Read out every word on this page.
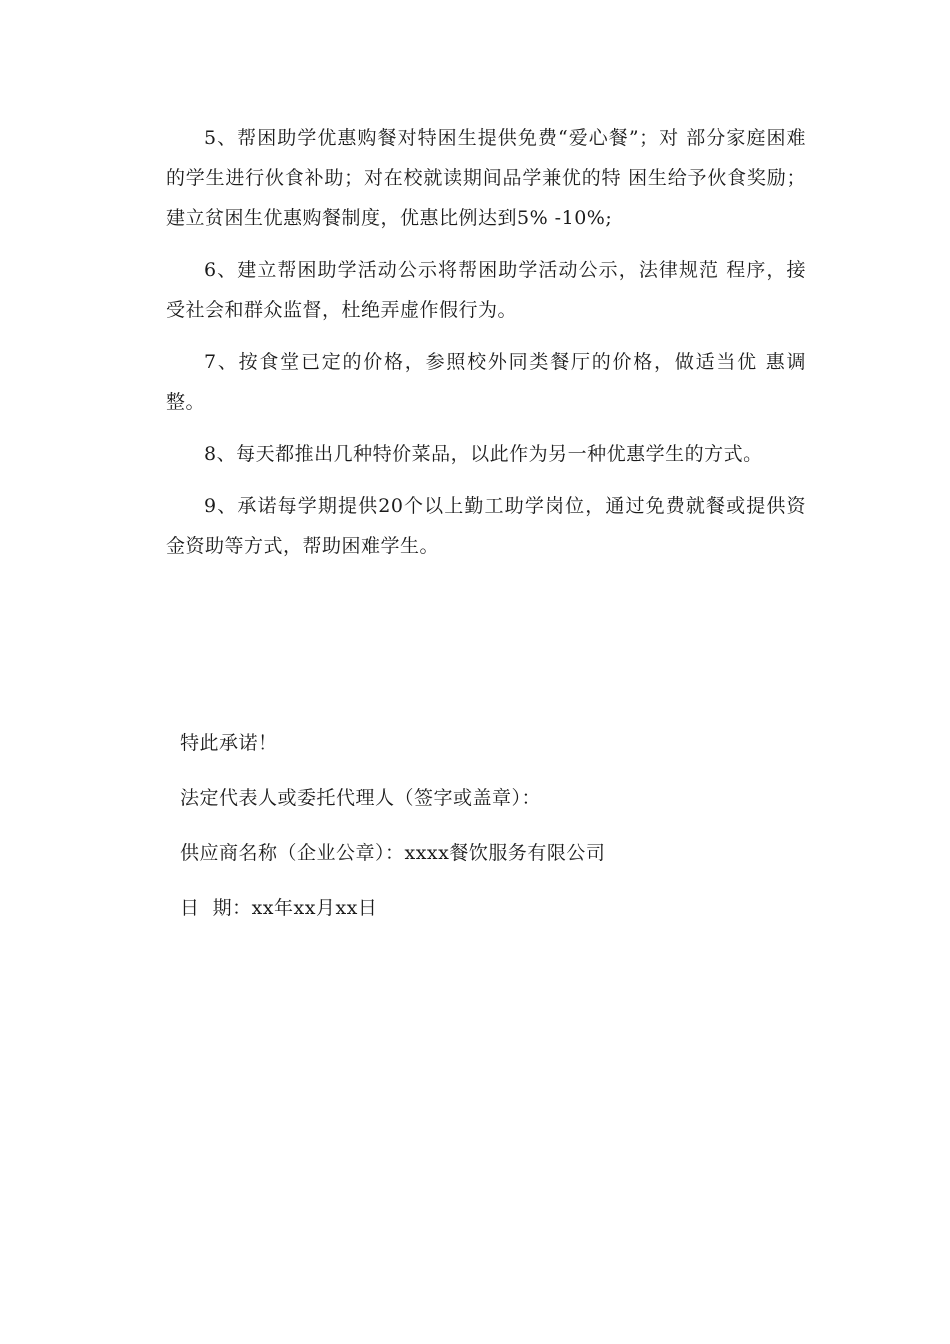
5、帮困助学优惠购餐对特困生提供免费“爱心餐”；对 部分家庭困难的学生进行伙食补助；对在校就读期间品学兼优的特 困生给予伙食奖励；建立贫困生优惠购餐制度，优惠比例达到5% -10%;

6、建立帮困助学活动公示将帮困助学活动公示，法律规范 程序，接受社会和群众监督，杜绝弄虚作假行为。

7、按食堂已定的价格，参照校外同类餐厅的价格，做适当优 惠调整。

8、每天都推出几种特价菜品，以此作为另一种优惠学生的方式。

9、承诺每学期提供20个以上勤工助学岗位，通过免费就餐或提供资金资助等方式，帮助困难学生。

特此承诺！

法定代表人或委托代理人（签字或盖章）：

供应商名称（企业公章）：xxxx餐饮服务有限公司

日  期：xx年xx月xx日
